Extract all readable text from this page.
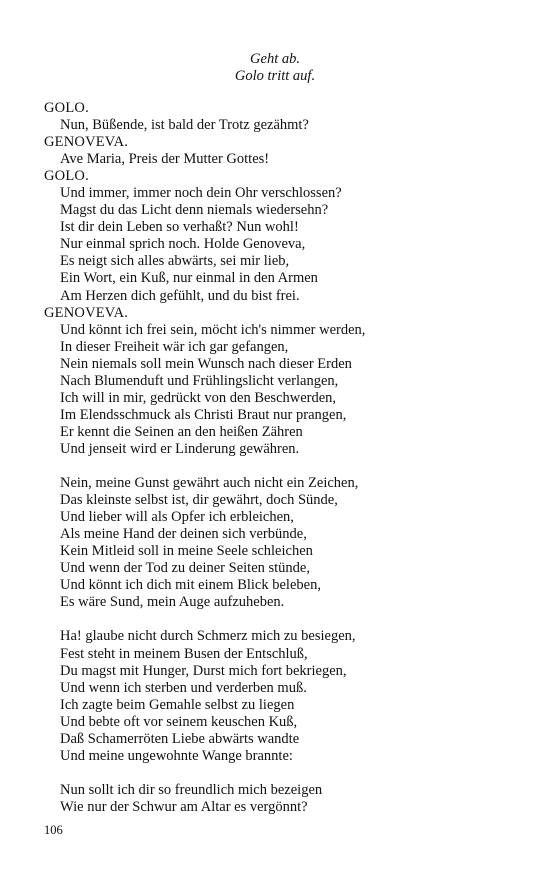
Geht ab.
Golo tritt auf.
GOLO.
Nun, Büßende, ist bald der Trotz gezähmt?
GENOVEVA.
Ave Maria, Preis der Mutter Gottes!
GOLO.
Und immer, immer noch dein Ohr verschlossen?
Magst du das Licht denn niemals wiedersehn?
Ist dir dein Leben so verhaßt? Nun wohl!
Nur einmal sprich noch. Holde Genoveva,
Es neigt sich alles abwärts, sei mir lieb,
Ein Wort, ein Kuß, nur einmal in den Armen
Am Herzen dich gefühlt, und du bist frei.
GENOVEVA.
Und könnt ich frei sein, möcht ich's nimmer werden,
In dieser Freiheit wär ich gar gefangen,
Nein niemals soll mein Wunsch nach dieser Erden
Nach Blumenduft und Frühlingslicht verlangen,
Ich will in mir, gedrückt von den Beschwerden,
Im Elendsschmuck als Christi Braut nur prangen,
Er kennt die Seinen an den heißen Zähren
Und jenseit wird er Linderung gewähren.
Nein, meine Gunst gewährt auch nicht ein Zeichen,
Das kleinste selbst ist, dir gewährt, doch Sünde,
Und lieber will als Opfer ich erbleichen,
Als meine Hand der deinen sich verbünde,
Kein Mitleid soll in meine Seele schleichen
Und wenn der Tod zu deiner Seiten stünde,
Und könnt ich dich mit einem Blick beleben,
Es wäre Sund, mein Auge aufzuheben.
Ha! glaube nicht durch Schmerz mich zu besiegen,
Fest steht in meinem Busen der Entschluß,
Du magst mit Hunger, Durst mich fort bekriegen,
Und wenn ich sterben und verderben muß.
Ich zagte beim Gemahle selbst zu liegen
Und bebte oft vor seinem keuschen Kuß,
Daß Schamerröten Liebe abwärts wandte
Und meine ungewohnte Wange brannte:
Nun sollt ich dir so freundlich mich bezeigen
Wie nur der Schwur am Altar es vergönnt?
106
